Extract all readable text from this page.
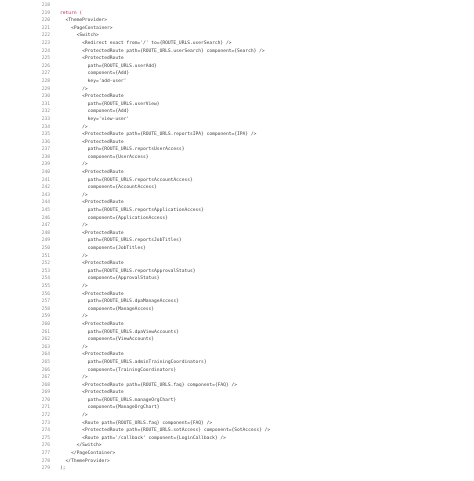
218
219 return (
220 <ThemeProvider>
221 <PageContainer>
222 <Switch>
223 <Redirect exact from='/' to={ROUTE_URLS.userSearch} />
224 <ProtectedRoute path={ROUTE_URLS.userSearch} component={Search} />
225 <ProtectedRoute
226 path={ROUTE_URLS.userAdd}
227 component={Add}
228 key='add-user'
229 />
230 <ProtectedRoute
231 path={ROUTE_URLS.userView}
232 component={Add}
233 key='view-user'
234 />
235 <ProtectedRoute path={ROUTE_URLS.reportsIPA} component={IPA} />
236 <ProtectedRoute
237 path={ROUTE_URLS.reportsUserAccess}
238 component={UserAccess}
239 />
240 <ProtectedRoute
241 path={ROUTE_URLS.reportsAccountAccess}
242 component={AccountAccess}
243 />
244 <ProtectedRoute
245 path={ROUTE_URLS.reportsApplicationAccess}
246 component={ApplicationAccess}
247 />
248 <ProtectedRoute
249 path={ROUTE_URLS.reportsJobTitles}
250 component={JobTitles}
251 />
252 <ProtectedRoute
253 path={ROUTE_URLS.reportsApprovalStatus}
254 component={ApprovalStatus}
255 />
256 <ProtectedRoute
257 path={ROUTE_URLS.dpaManageAccess}
258 component={ManageAccess}
259 />
260 <ProtectedRoute
261 path={ROUTE_URLS.dpaViewAccounts}
262 component={ViewAccounts}
263 />
264 <ProtectedRoute
265 path={ROUTE_URLS.adminTrainingCoordinators}
266 component={TrainingCoordinators}
267 />
268 <ProtectedRoute path={ROUTE_URLS.faq} component={FAQ} />
269 <ProtectedRoute
270 path={ROUTE_URLS.manageOrgChart}
271 component={ManageOrgChart}
272 />
273 <Route path={ROUTE_URLS.faq} component={FAQ} />
274 <ProtectedRoute path={ROUTE_URLS.sotAccess} component={SotAccess} />
275 <Route path='/callback' component={LoginCallback} />
276 </Switch>
277 </PageContainer>
278 </ThemeProvider>
279 );
